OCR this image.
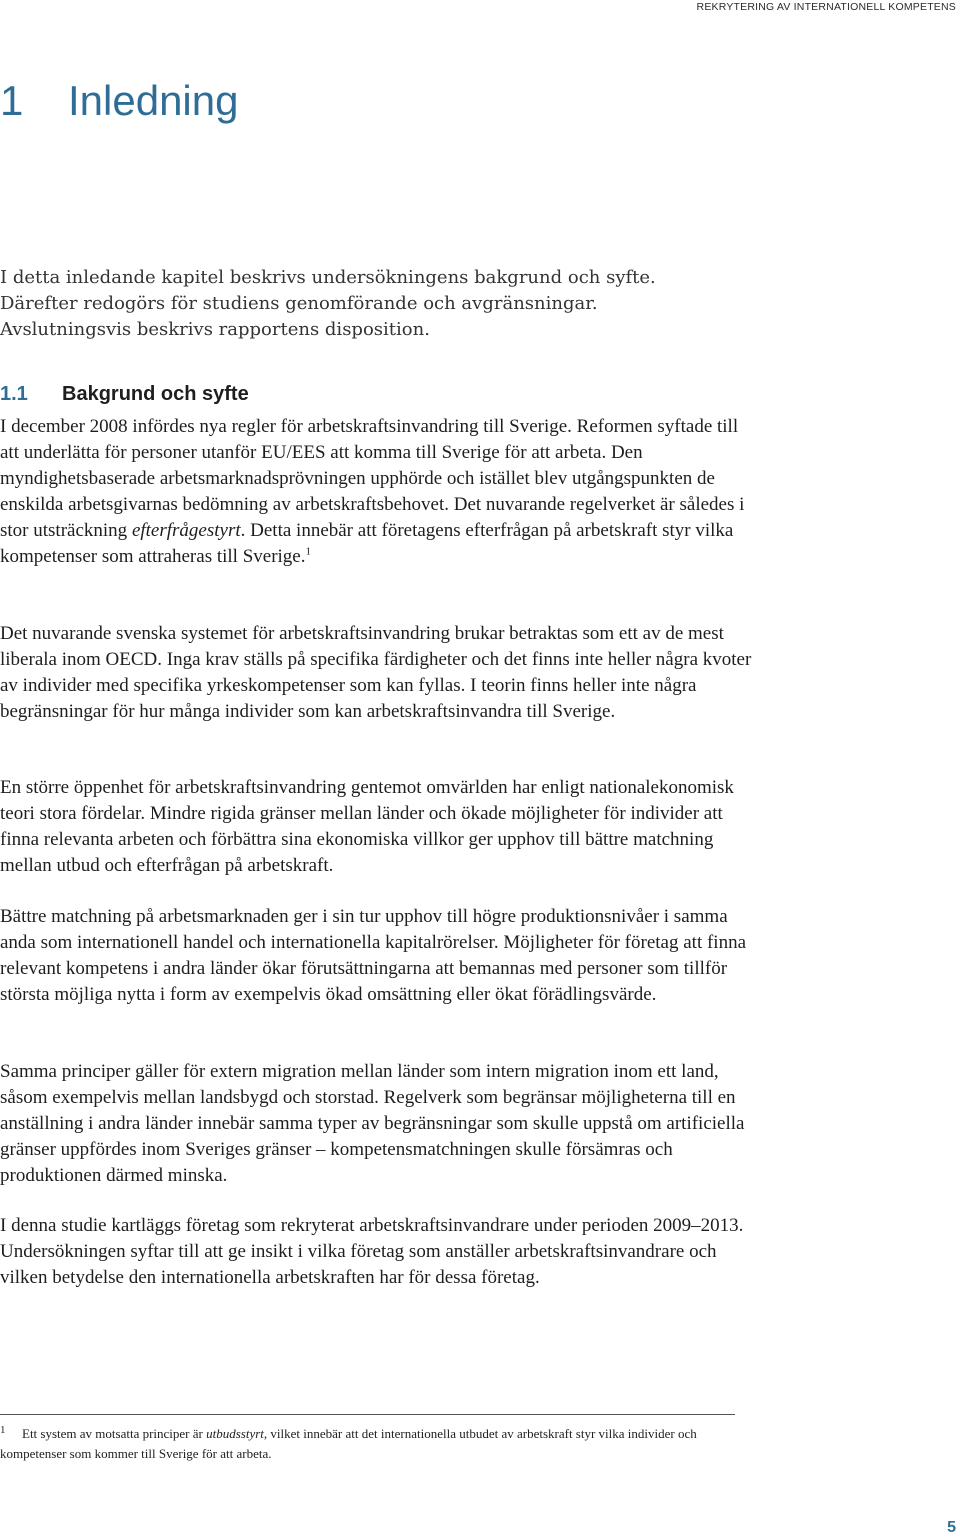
REKRYTERING AV INTERNATIONELL KOMPETENS
1 Inledning

I detta inledande kapitel beskrivs undersökningens bakgrund och syfte. Därefter redogörs för studiens genomförande och avgränsningar. Avslutningsvis beskrivs rapportens disposition.

1.1 Bakgrund och syfte

I december 2008 infördes nya regler för arbetskraftsinvandring till Sverige. Reformen syftade till att underlätta för personer utanför EU/EES att komma till Sverige för att arbeta. Den myndighetsbaserade arbetsmarknadsprövningen upphörde och istället blev utgångspunkten de enskilda arbetsgivarnas bedömning av arbetskraftsbehovet. Det nuvarande regelverket är således i stor utsträckning efterfrågestyrt. Detta innebär att företagens efterfrågan på arbetskraft styr vilka kompetenser som attraheras till Sverige.$^1$

Det nuvarande svenska systemet för arbetskraftsinvandring brukar betraktas som ett av de mest liberala inom OECD. Inga krav ställs på specifika färdigheter och det finns inte heller några kvoter av individer med specifika yrkeskompetenser som kan fyllas. I teorin finns heller inte några begränsningar för hur många individer som kan arbetskraftsinvandra till Sverige.

En större öppenhet för arbetskraftsinvandring gentemot omvärlden har enligt nationalekonomisk teori stora fördelar. Mindre rigida gränser mellan länder och ökade möjligheter för individer att finna relevanta arbeten och förbättra sina ekonomiska villkor ger upphov till bättre matchning mellan utbud och efterfrågan på arbetskraft.

Bättre matchning på arbetsmarknaden ger i sin tur upphov till högre produktionsnivåer i samma anda som internationell handel och internationella kapitalrörelser. Möjligheter för företag att finna relevant kompetens i andra länder ökar förutsättningarna att bemannas med personer som tillför största möjliga nytta i form av exempelvis ökad omsättning eller ökat förädlingsvärde.

Samma principer gäller för extern migration mellan länder som intern migration inom ett land, såsom exempelvis mellan landsbygd och storstad. Regelverk som begränsar möjligheterna till en anställning i andra länder innebär samma typer av begränsningar som skulle uppstå om artificiella gränser uppfördes inom Sveriges gränser – kompetensmatchningen skulle försämras och produktionen därmed minska.

I denna studie kartläggs företag som rekryterat arbetskraftsinvandrare under perioden 2009–2013. Undersökningen syftar till att ge insikt i vilka företag som anställer arbetskraftsinvandrare och vilken betydelse den internationella arbetskraften har för dessa företag.

1 Ett system av motsatta principer är utbudsstyrt, vilket innebär att det internationella utbudet av arbetskraft styr vilka individer och kompetenser som kommer till Sverige för att arbeta.

5
